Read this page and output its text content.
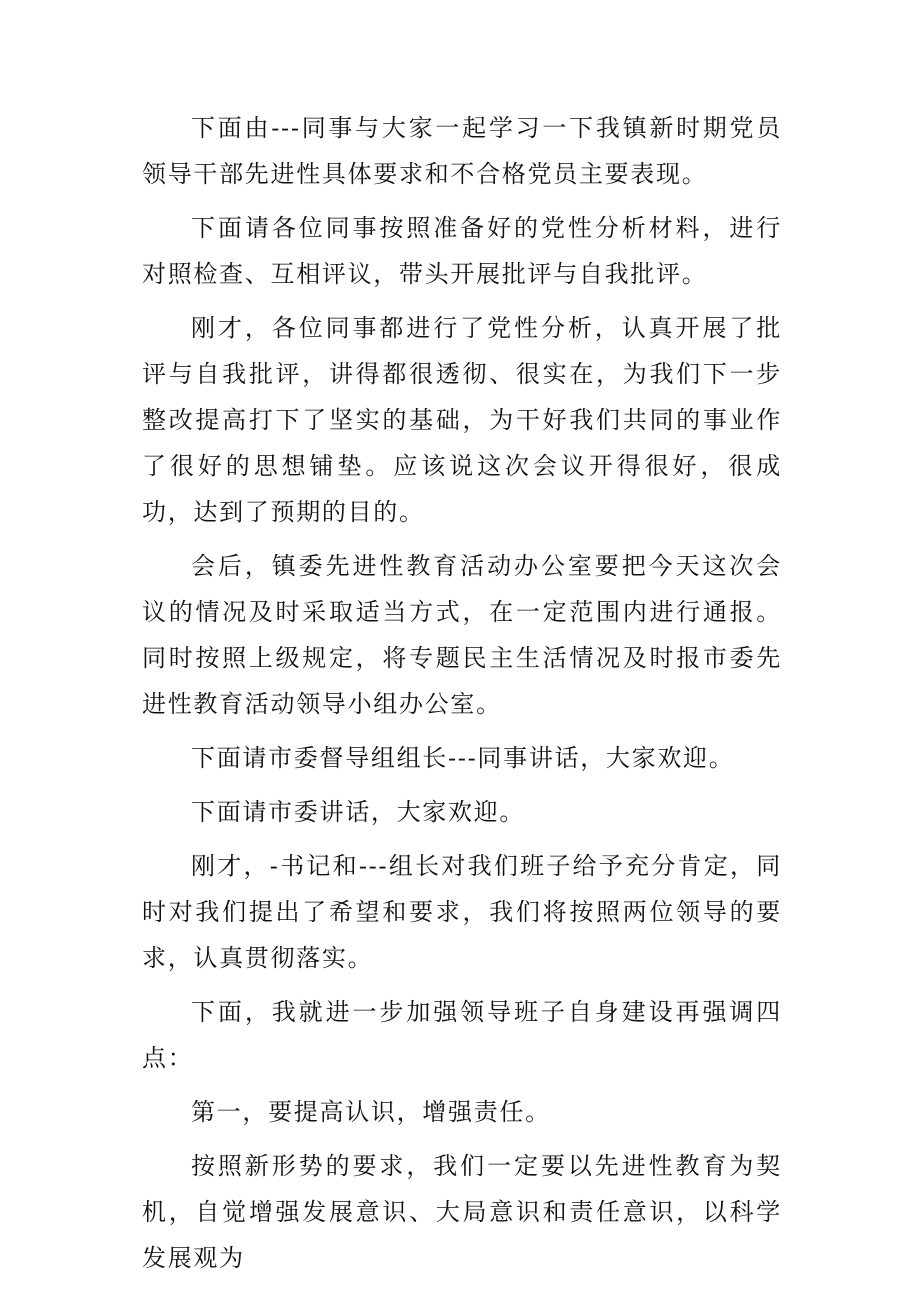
下面由---同事与大家一起学习一下我镇新时期党员领导干部先进性具体要求和不合格党员主要表现。

下面请各位同事按照准备好的党性分析材料，进行对照检查、互相评议，带头开展批评与自我批评。

刚才，各位同事都进行了党性分析，认真开展了批评与自我批评，讲得都很透彻、很实在，为我们下一步整改提高打下了坚实的基础，为干好我们共同的事业作了很好的思想铺垫。应该说这次会议开得很好，很成功，达到了预期的目的。

会后，镇委先进性教育活动办公室要把今天这次会议的情况及时采取适当方式，在一定范围内进行通报。同时按照上级规定，将专题民主生活情况及时报市委先进性教育活动领导小组办公室。

下面请市委督导组组长---同事讲话，大家欢迎。

下面请市委讲话，大家欢迎。

刚才，-书记和---组长对我们班子给予充分肯定，同时对我们提出了希望和要求，我们将按照两位领导的要求，认真贯彻落实。

下面，我就进一步加强领导班子自身建设再强调四点：

第一，要提高认识，增强责任。

按照新形势的要求，我们一定要以先进性教育为契机，自觉增强发展意识、大局意识和责任意识，以科学发展观为
